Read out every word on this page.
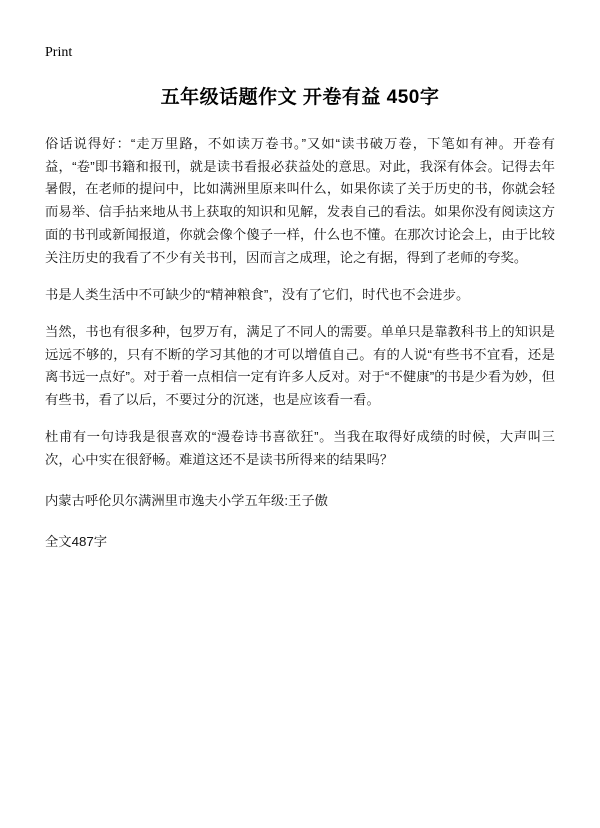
Print
五年级话题作文 开卷有益 450字

俗话说得好：“走万里路，不如读万卷书。”又如“读书破万卷，下笔如有神。开卷有益，“卷”即书籍和报刊，就是读书看报必获益处的意思。对此，我深有体会。记得去年暑假，在老师的提问中，比如满洲里原来叫什么，如果你读了关于历史的书，你就会轻而易举、信手拈来地从书上获取的知识和见解，发表自己的看法。如果你没有阅读这方面的书刊或新闻报道，你就会像个傻子一样，什么也不懂。在那次讨论会上，由于比较关注历史的我看了不少有关书刊，因而言之成理，论之有据，得到了老师的夸奖。

书是人类生活中不可缺少的“精神粮食”，没有了它们，时代也不会进步。

当然，书也有很多种，包罗万有，满足了不同人的需要。单单只是靠教科书上的知识是远远不够的，只有不断的学习其他的才可以增值自己。有的人说“有些书不宜看，还是离书远一点好”。对于着一点相信一定有许多人反对。对于“不健康”的书是少看为妙，但有些书，看了以后，不要过分的沉迷，也是应该看一看。

杜甫有一句诗我是很喜欢的“漫卷诗书喜欲狂”。当我在取得好成绩的时候，大声叫三次，心中实在很舒畅。难道这还不是读书所得来的结果吗？

内蒙古呼伦贝尔满洲里市逸夫小学五年级:王子傲

全文487字
